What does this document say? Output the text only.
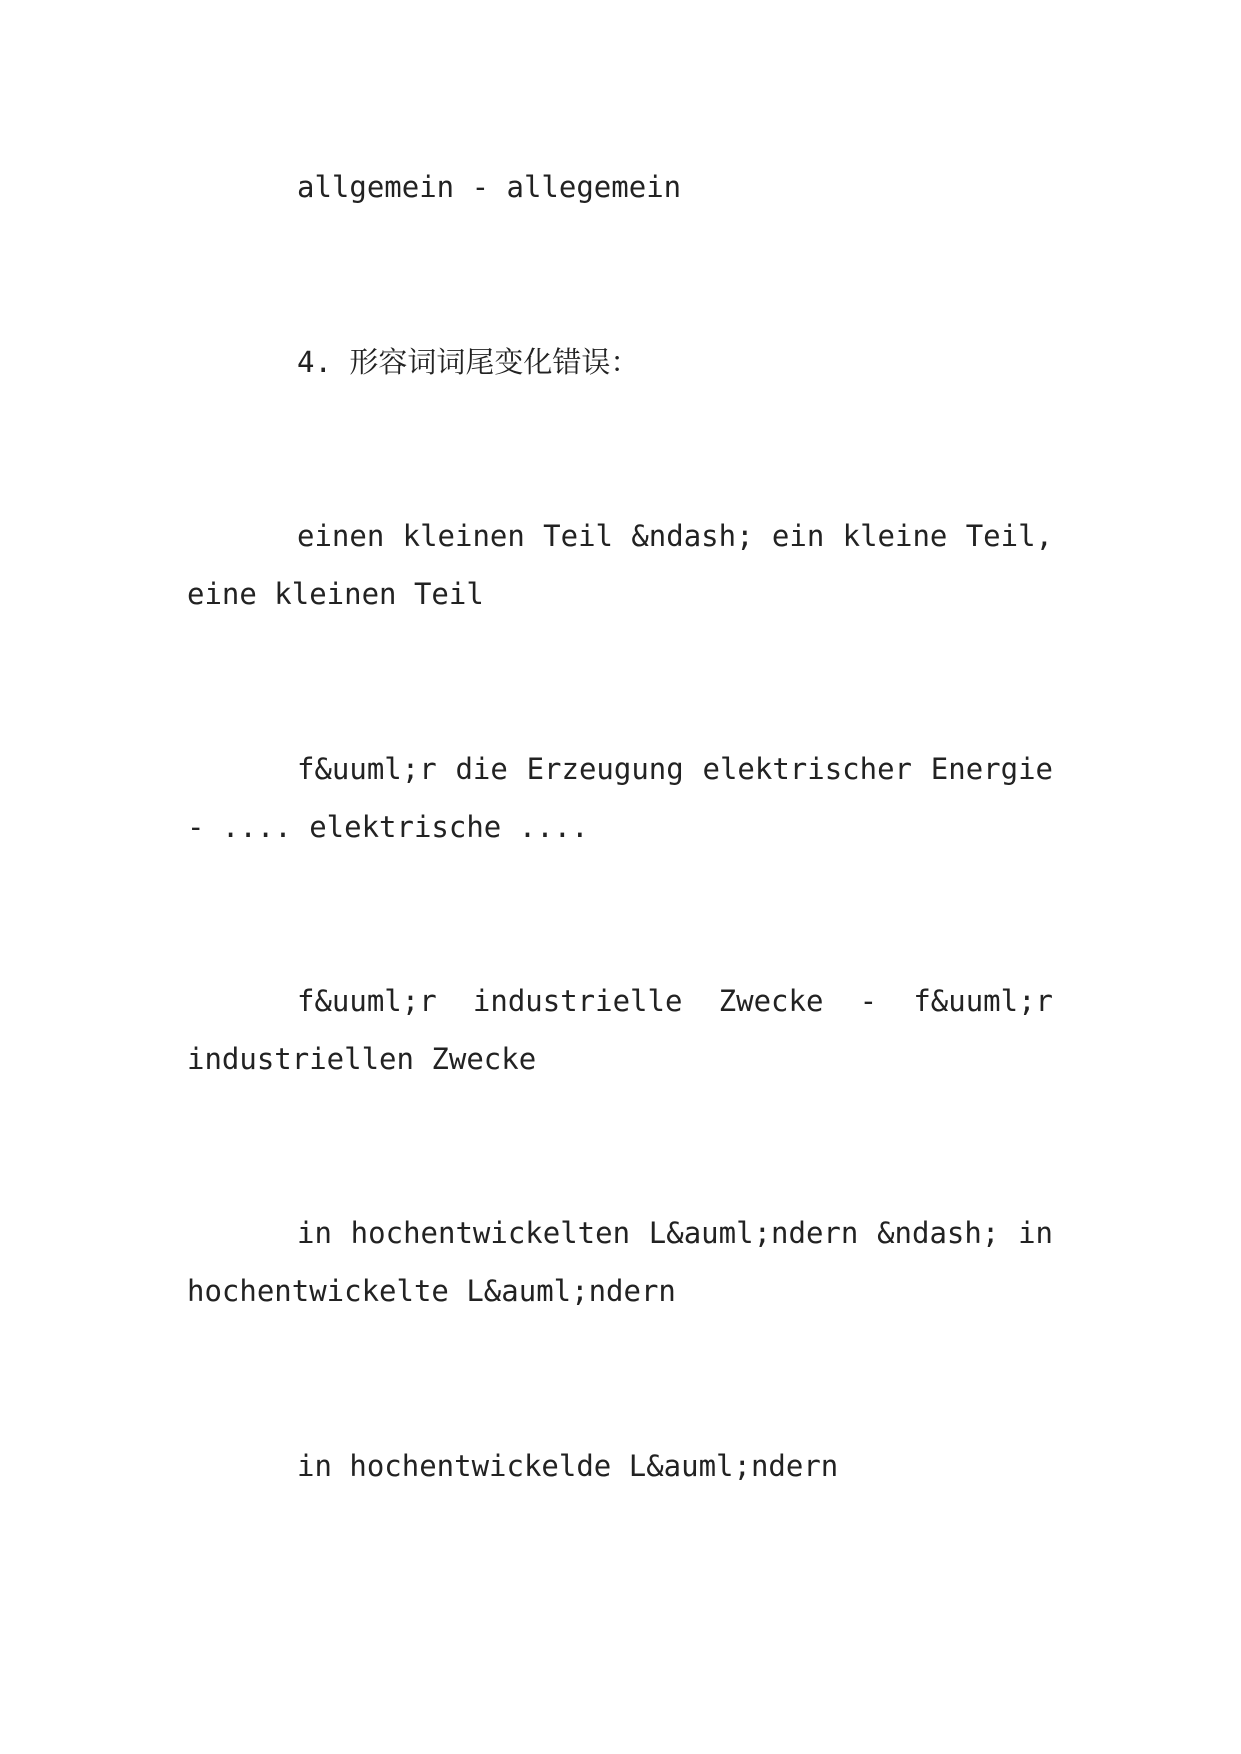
allgemein - allegemein
4. 形容词词尾变化错误：
einen kleinen Teil &ndash; ein kleine Teil, eine kleinen Teil
f&uuml;r die Erzeugung elektrischer Energie - .... elektrische ....
f&uuml;r industrielle Zwecke - f&uuml;r industriellen Zwecke
in hochentwickelten L&auml;ndern &ndash; in hochentwickelte L&auml;ndern
in hochentwickelde L&auml;ndern
